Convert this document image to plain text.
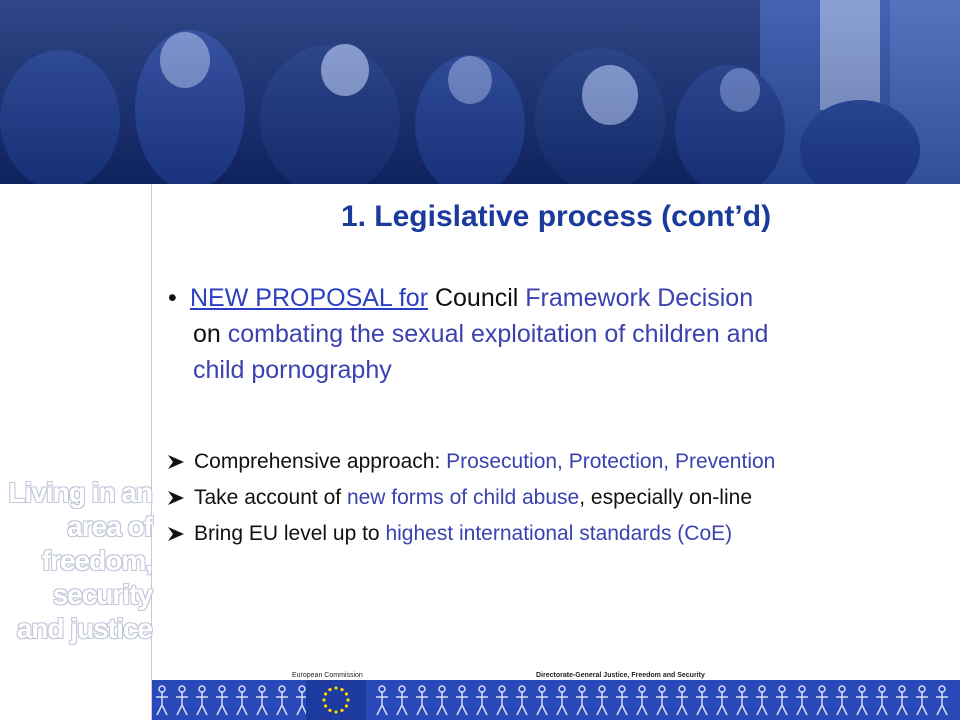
Living in an
area of
freedom,
security
and justice
1. Legislative process (cont’d)
• NEW PROPOSAL for Council Framework Decision
on combating the sexual exploitation of children and
child pornography
Comprehensive approach: Prosecution, Protection, Prevention
Take account of new forms of child abuse, especially on-line
Bring EU level up to highest international standards (CoE)
European Commission	Directorate-General Justice, Freedom and Security
